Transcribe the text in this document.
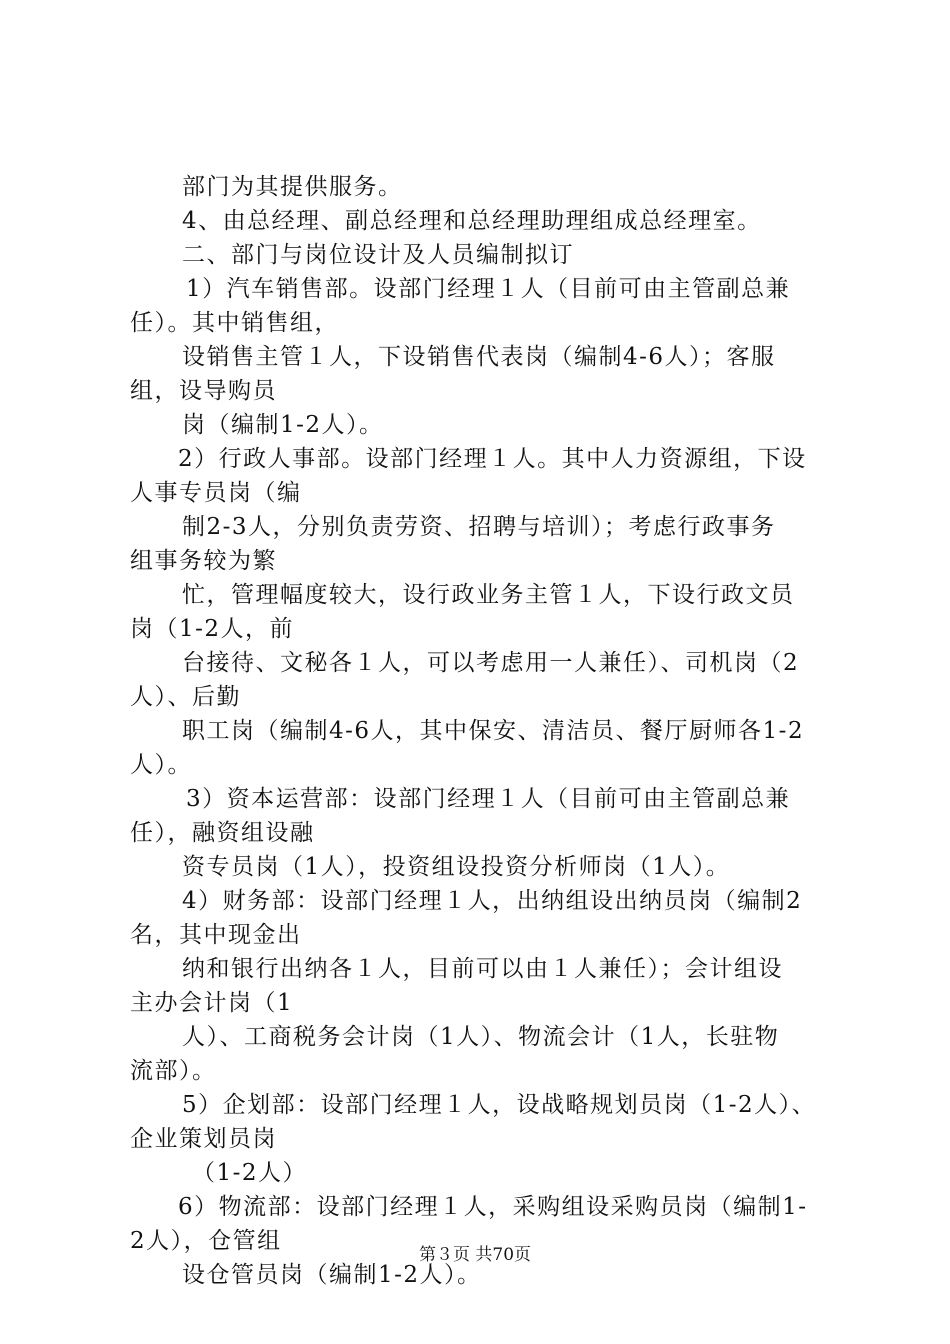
部门为其提供服务。
4、由总经理、副总经理和总经理助理组成总经理室。
二、部门与岗位设计及人员编制拟订
1）汽车销售部。设部门经理１人（目前可由主管副总兼
任）。其中销售组，
设销售主管１人，下设销售代表岗（编制4-6人）；客服
组，设导购员
岗（编制1-2人）。
2）行政人事部。设部门经理１人。其中人力资源组，下设
人事专员岗（编
制2-3人，分别负责劳资、招聘与培训）；考虑行政事务
组事务较为繁
忙，管理幅度较大，设行政业务主管１人，下设行政文员
岗（1-2人，前
台接待、文秘各１人，可以考虑用一人兼任）、司机岗（2
人）、后勤
职工岗（编制4-6人，其中保安、清洁员、餐厅厨师各1-2
人）。
3）资本运营部：设部门经理１人（目前可由主管副总兼
任），融资组设融
资专员岗（1人），投资组设投资分析师岗（1人）。
4）财务部：设部门经理１人，出纳组设出纳员岗（编制2
名，其中现金出
纳和银行出纳各１人，目前可以由１人兼任）；会计组设
主办会计岗（1
人）、工商税务会计岗（1人）、物流会计（1人，长驻物
流部）。
5）企划部：设部门经理１人，设战略规划员岗（1-2人）、
企业策划员岗
（1-2人）
6）物流部：设部门经理１人，采购组设采购员岗（编制1-
2人），仓管组
设仓管员岗（编制1-2人）。
第３页 共70页
